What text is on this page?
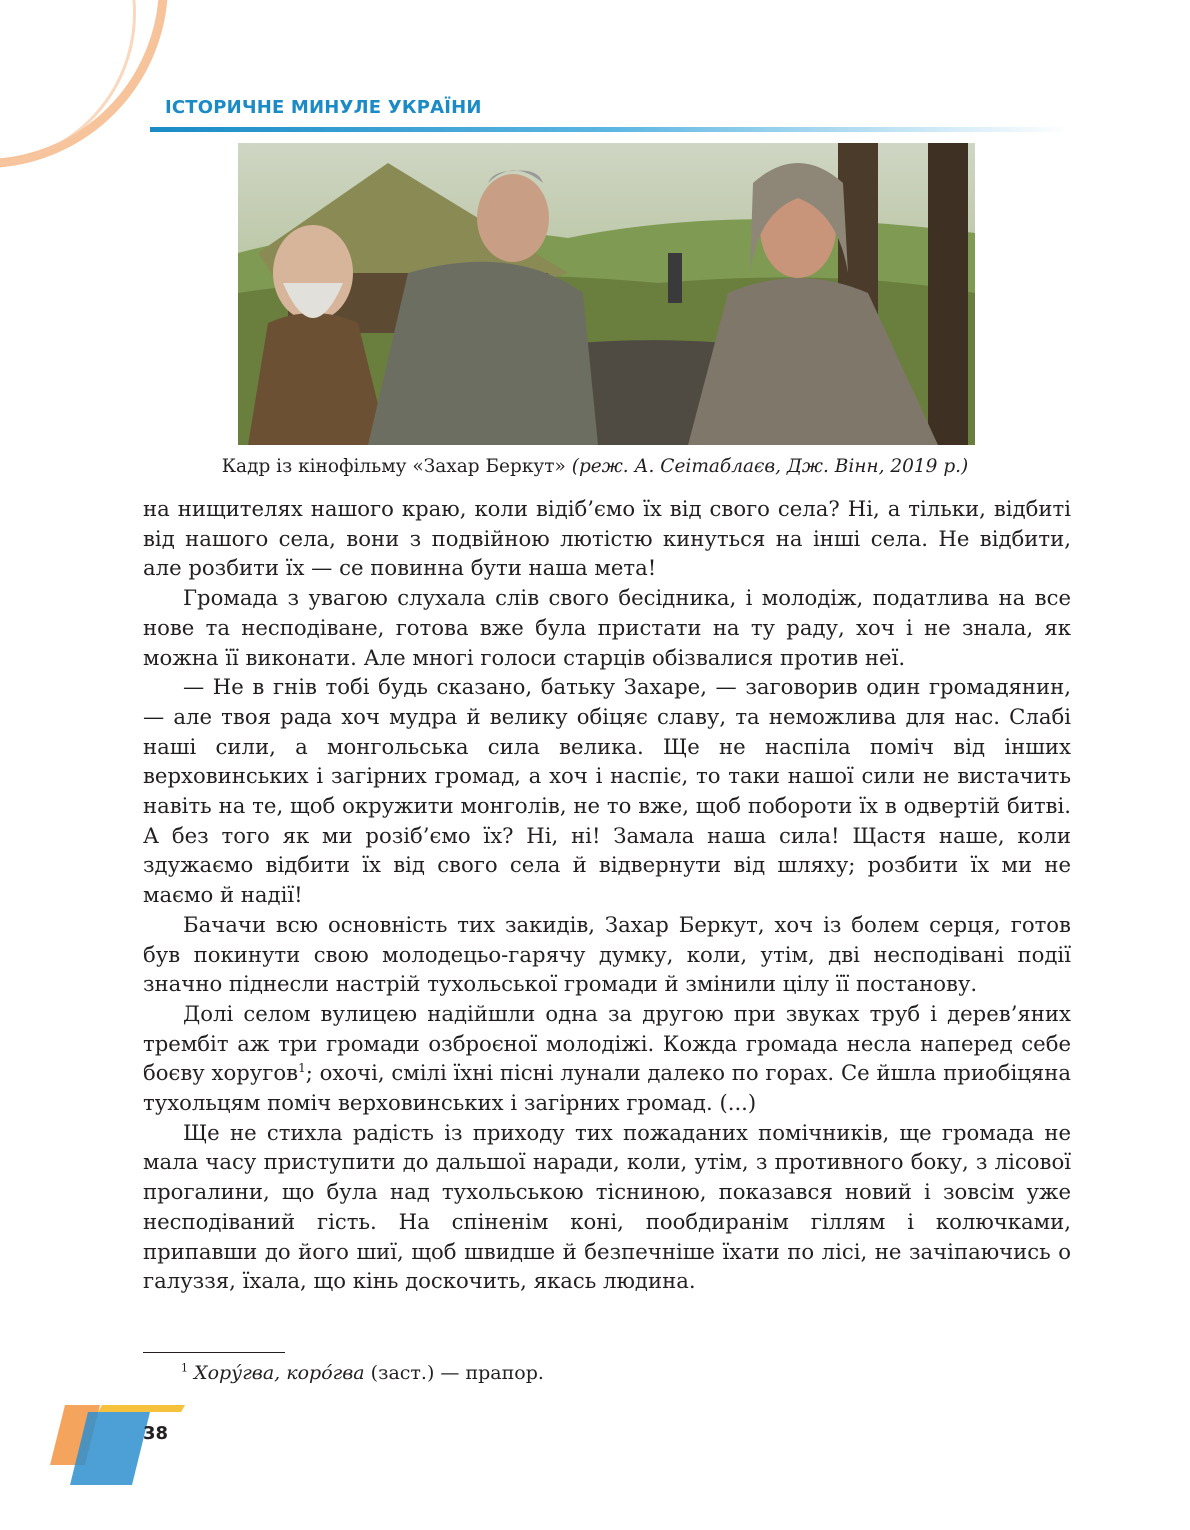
ІСТОРИЧНЕ МИНУЛЕ УКРАЇНИ
Кадр із кінофільму «Захар Беркут» (реж. А. Сеітаблаєв, Дж. Вінн, 2019 р.)

на нищителях нашого краю, коли відіб’ємо їх від свого села? Ні, а тільки, відбиті від нашого села, вони з подвійною лютістю кинуться на інші села. Не відбити, але розбити їх — се повинна бути наша мета!

Громада з увагою слухала слів свого бесідника, і молодіж, податлива на все нове та несподіване, готова вже була пристати на ту раду, хоч і не знала, як можна її виконати. Але многі голоси старців обізвалися против неї.

— Не в гнів тобі будь сказано, батьку Захаре, — заговорив один громадянин, — але твоя рада хоч мудра й велику обіцяє славу, та неможлива для нас. Слабі наші сили, а монгольська сила велика. Ще не наспіла поміч від інших верховинських і загірних громад, а хоч і наспіє, то таки нашої сили не вистачить навіть на те, щоб окружити монголів, не то вже, щоб побороти їх в одвертій битві. А без того як ми розіб’ємо їх? Ні, ні! Замала наша сила! Щастя наше, коли здужаємо відбити їх від свого села й відвернути від шляху; розбити їх ми не маємо й надії!

Бачачи всю основність тих закидів, Захар Беркут, хоч із болем серця, готов був покинути свою молодецьо-гарячу думку, коли, утім, дві несподівані події значно піднесли настрій тухольської громади й змінили цілу її постанову.

Долі селом вулицею надійшли одна за другою при звуках труб і дерев’яних трембіт аж три громади озброєної молодіжі. Кожда громада несла наперед себе боєву хоругов$^1$; охочі, смілі їхні пісні лунали далеко по горах. Се йшла приобіцяна тухольцям поміч верховинських і загірних громад. (...)

Ще не стихла радість із приходу тих пожаданих помічників, ще громада не мала часу приступити до дальшої наради, коли, утім, з противного боку, з лісової прогалини, що була над тухольською тісниною, показався новий і зовсім уже несподіваний гість. На спіненім коні, пообдиранім гіллям і колючками, припавши до його шиї, щоб швидше й безпечніше їхати по лісі, не зачіпаючись о галуззя, їхала, що кінь доскочить, якась людина.

$^1$ Хору́гва, коро́гва (заст.) — прапор.
38
